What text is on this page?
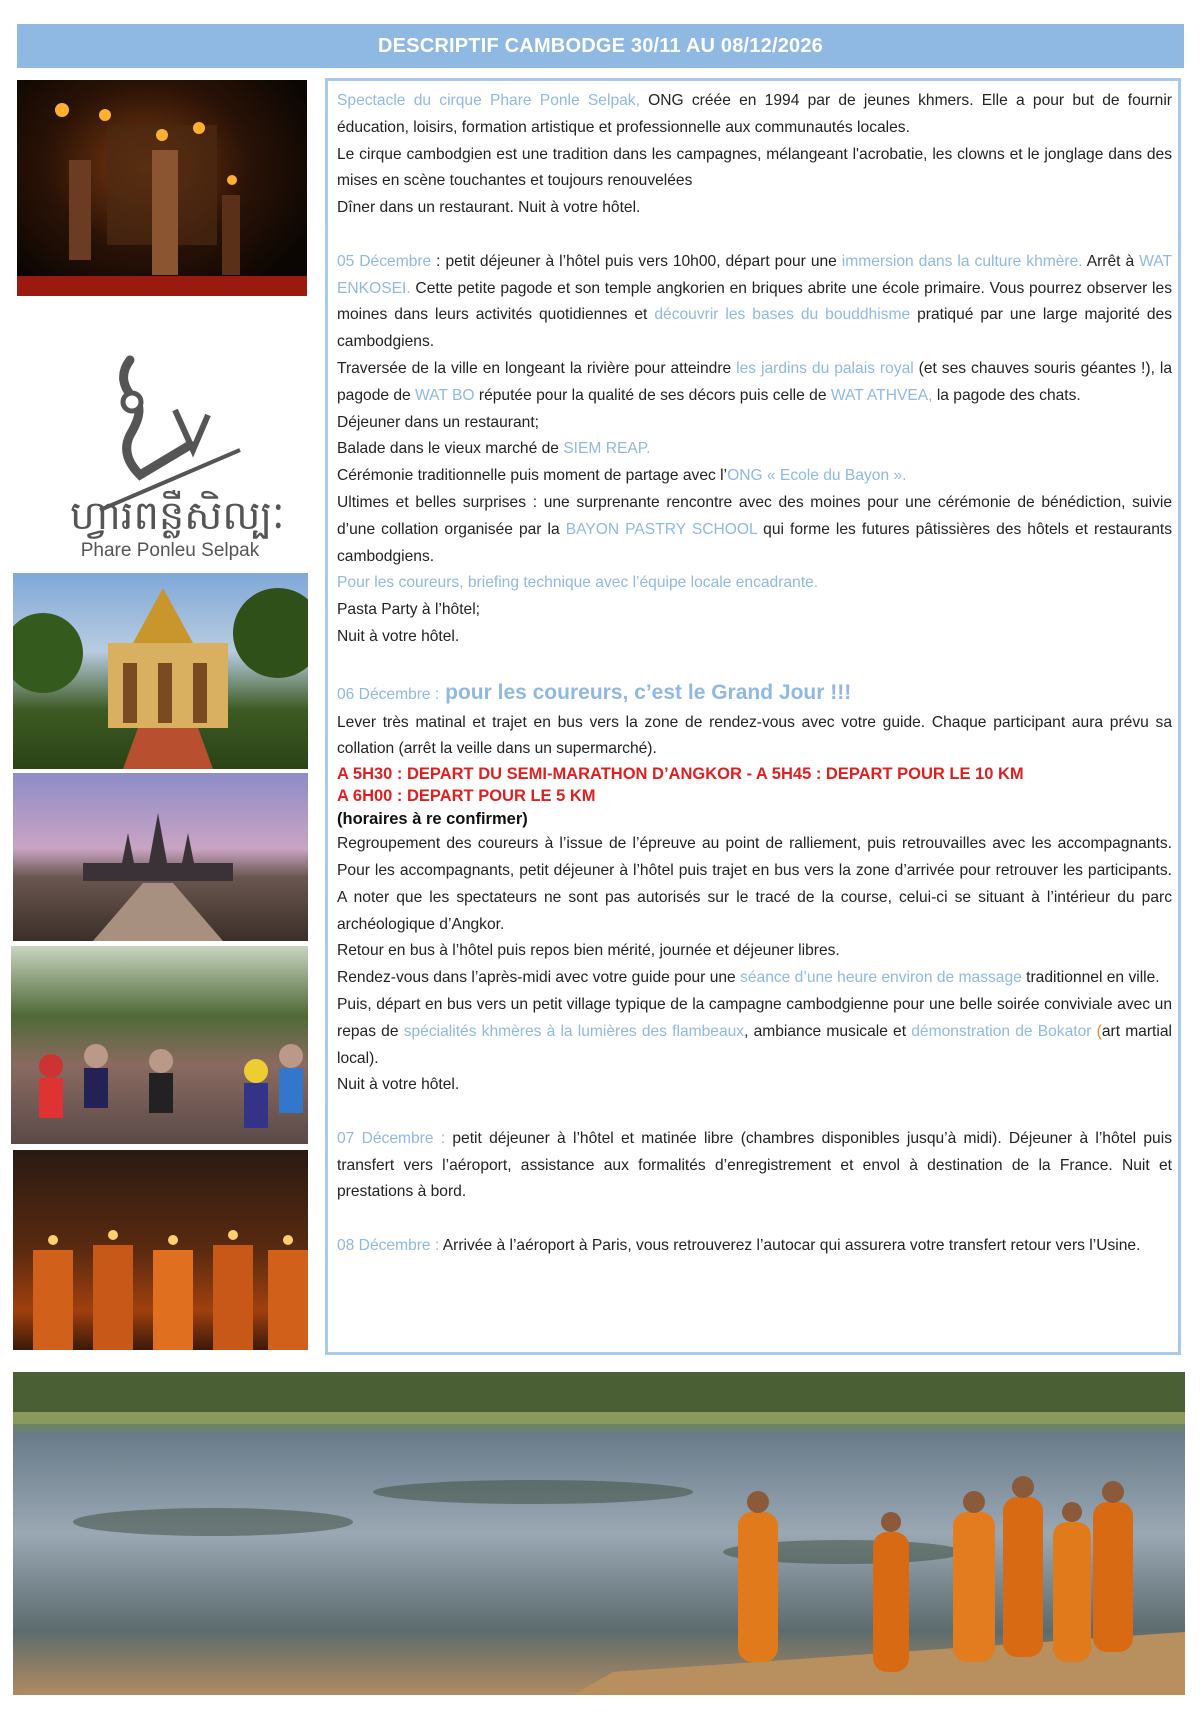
DESCRIPTIF CAMBODGE 30/11 AU 08/12/2026
ហ្វារពន្លឺសិល្បៈ
Phare Ponleu Selpak

Spectacle du cirque Phare Ponle Selpak, ONG créée en 1994 par de jeunes khmers. Elle a pour but de fournir éducation, loisirs, formation artistique et professionnelle aux communautés locales.

Le cirque cambodgien est une tradition dans les campagnes, mélangeant l'acrobatie, les clowns et le jonglage dans des mises en scène touchantes et toujours renouvelées

Dîner dans un restaurant. Nuit à votre hôtel.

05 Décembre : petit déjeuner à l’hôtel puis vers 10h00, départ pour une immersion dans la culture khmère. Arrêt à WAT ENKOSEI. Cette petite pagode et son temple angkorien en briques abrite une école primaire. Vous pourrez observer les moines dans leurs activités quotidiennes et découvrir les bases du bouddhisme pratiqué par une large majorité des cambodgiens.

Traversée de la ville en longeant la rivière pour atteindre les jardins du palais royal (et ses chauves souris géantes !), la pagode de WAT BO réputée pour la qualité de ses décors puis celle de WAT ATHVEA, la pagode des chats.

Déjeuner dans un restaurant;

Balade dans le vieux marché de SIEM REAP.

Cérémonie traditionnelle puis moment de partage avec l’ONG « Ecole du Bayon ».

Ultimes et belles surprises : une surprenante rencontre avec des moines pour une cérémonie de bénédiction, suivie d’une collation organisée par la BAYON PASTRY SCHOOL qui forme les futures pâtissières des hôtels et restaurants cambodgiens.

Pour les coureurs, briefing technique avec l’équipe locale encadrante.

Pasta Party à l’hôtel;

Nuit à votre hôtel.

06 Décembre : pour les coureurs, c’est le Grand Jour !!!

Lever très matinal et trajet en bus vers la zone de rendez-vous avec votre guide. Chaque participant aura prévu sa collation (arrêt la veille dans un supermarché).

A 5H30 : DEPART DU SEMI-MARATHON D’ANGKOR - A 5H45 : DEPART POUR LE 10 KM

A 6H00 : DEPART POUR LE 5 KM

(horaires à re confirmer)

Regroupement des coureurs à l’issue de l’épreuve au point de ralliement, puis retrouvailles avec les accompagnants. Pour les accompagnants, petit déjeuner à l’hôtel puis trajet en bus vers la zone d’arrivée pour retrouver les participants. A noter que les spectateurs ne sont pas autorisés sur le tracé de la course, celui-ci se situant à l’intérieur du parc archéologique d’Angkor.

Retour en bus à l’hôtel puis repos bien mérité, journée et déjeuner libres.

Rendez-vous dans l’après-midi avec votre guide pour une séance d’une heure environ de massage traditionnel en ville.

Puis, départ en bus vers un petit village typique de la campagne cambodgienne pour une belle soirée conviviale avec un repas de spécialités khmères à la lumières des flambeaux, ambiance musicale et démonstration de Bokator (art martial local).

Nuit à votre hôtel.

07 Décembre : petit déjeuner à l’hôtel et matinée libre (chambres disponibles jusqu’à midi). Déjeuner à l’hôtel puis transfert vers l’aéroport, assistance aux formalités d’enregistrement et envol à destination de la France. Nuit et prestations à bord.

08 Décembre : Arrivée à l’aéroport à Paris, vous retrouverez l’autocar qui assurera votre transfert retour vers l’Usine.
